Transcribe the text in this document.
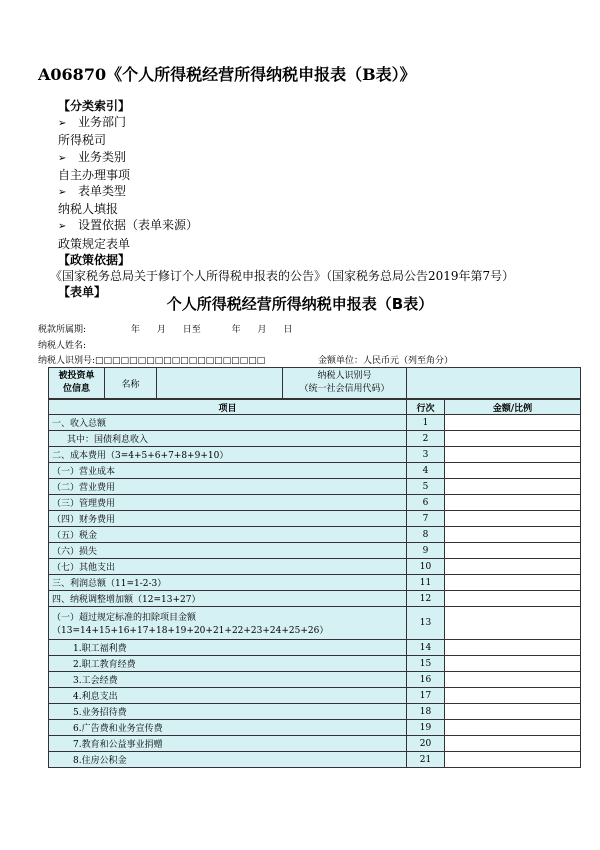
A06870《个人所得税经营所得纳税申报表（B表）》
【分类索引】
➢ 业务部门
所得税司
➢ 业务类别
自主办理事项
➢ 表单类型
纳税人填报
➢ 设置依据（表单来源）
政策规定表单
【政策依据】
《国家税务总局关于修订个人所得税申报表的公告》（国家税务总局公告2019年第7号）
【表单】
个人所得税经营所得纳税申报表（B表）
税款所属期:	年 月 日至	年 月 日
纳税人姓名:
纳税人识别号:□□□□□□□□□□□□□□□□□□□□	金额单位：人民币元（列至角分）
被投资单
位信息	名称		
纳税人识别号
（统一社会信用代码）

项目	行次	金额/比例
一、收入总额	1	
其中：国债利息收入	2	
二、成本费用（3=4+5+6+7+8+9+10）	3	
（一）营业成本	4	
（二）营业费用	5	
（三）管理费用	6	
（四）财务费用	7	
（五）税金	8	
（六）损失	9	
（七）其他支出	10	
三、利润总额（11=1-2-3）	11	
四、纳税调整增加额（12=13+27）	12	
（一）超过规定标准的扣除项目金额（13=14+15+16+17+18+19+20+21+22+23+24+25+26）	13	
1.职工福利费	14	
2.职工教育经费	15	
3.工会经费	16	
4.利息支出	17	
5.业务招待费	18	
6.广告费和业务宣传费	19	
7.教育和公益事业捐赠	20	
8.住房公积金	21	
